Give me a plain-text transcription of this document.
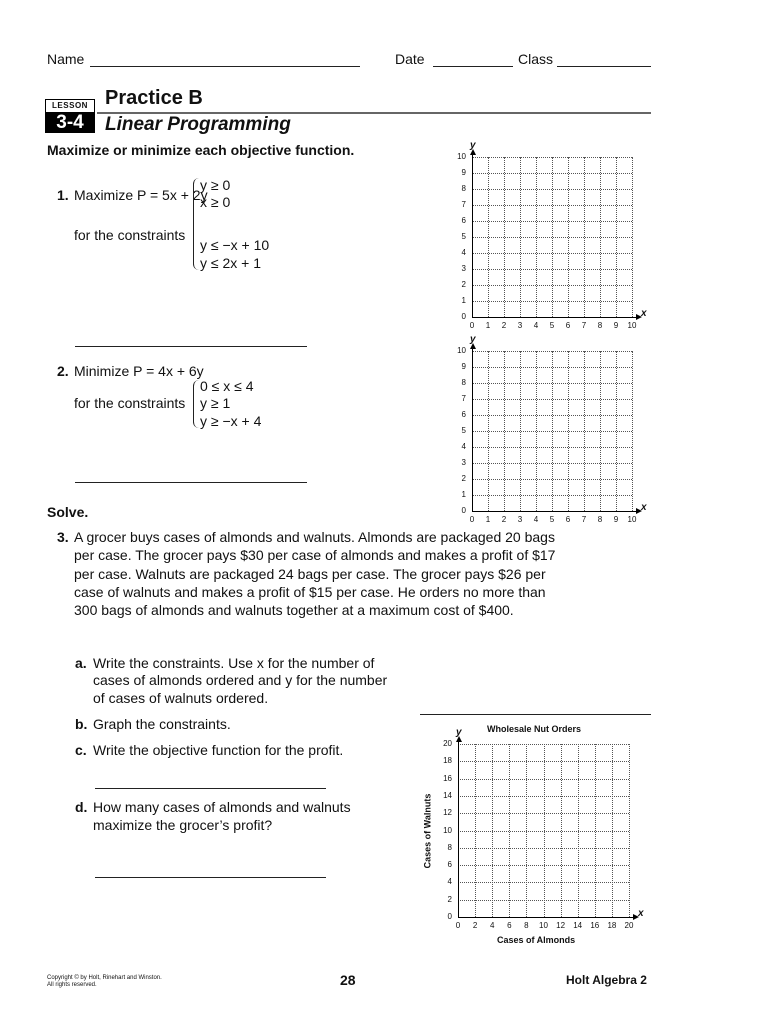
Name	Date	Class
LESSON
3-4
Practice B
Linear Programming
Maximize or minimize each objective function.
1. Maximize P = 5x + 2y
for the constraints
y ≥ 0
x ≥ 0
y ≤ −x + 10
y ≤ 2x + 1
2. Minimize P = 4x + 6y
for the constraints
0 ≤ x ≤ 4
y ≥ 1
y ≥ −x + 4
Solve.
3. A grocer buys cases of almonds and walnuts. Almonds are packaged 20 bags
per case. The grocer pays $30 per case of almonds and makes a profit of $17
per case. Walnuts are packaged 24 bags per case. The grocer pays $26 per
case of walnuts and makes a profit of $15 per case. He orders no more than
300 bags of almonds and walnuts together at a maximum cost of $400.
a. Write the constraints. Use x for the number of
cases of almonds ordered and y for the number
of cases of walnuts ordered.
b. Graph the constraints.
c. Write the objective function for the profit.
d. How many cases of almonds and walnuts
maximize the grocer’s profit?
Wholesale Nut Orders
Cases of Almonds
Cases of Walnuts
Copyright © by Holt, Rinehart and Winston.
All rights reserved.	28	Holt Algebra 2
x
y
0
0
1
1
2
2
3
3
4
4
5
5
6
6
7
7
8
8
9
9
10
10
x
y
0
0
1
1
2
2
3
3
4
4
5
5
6
6
7
7
8
8
9
9
10
10
x
y
0
0
2
2
4
4
6
6
8
8
10
10
12
12
14
14
16
16
18
18
20
20
